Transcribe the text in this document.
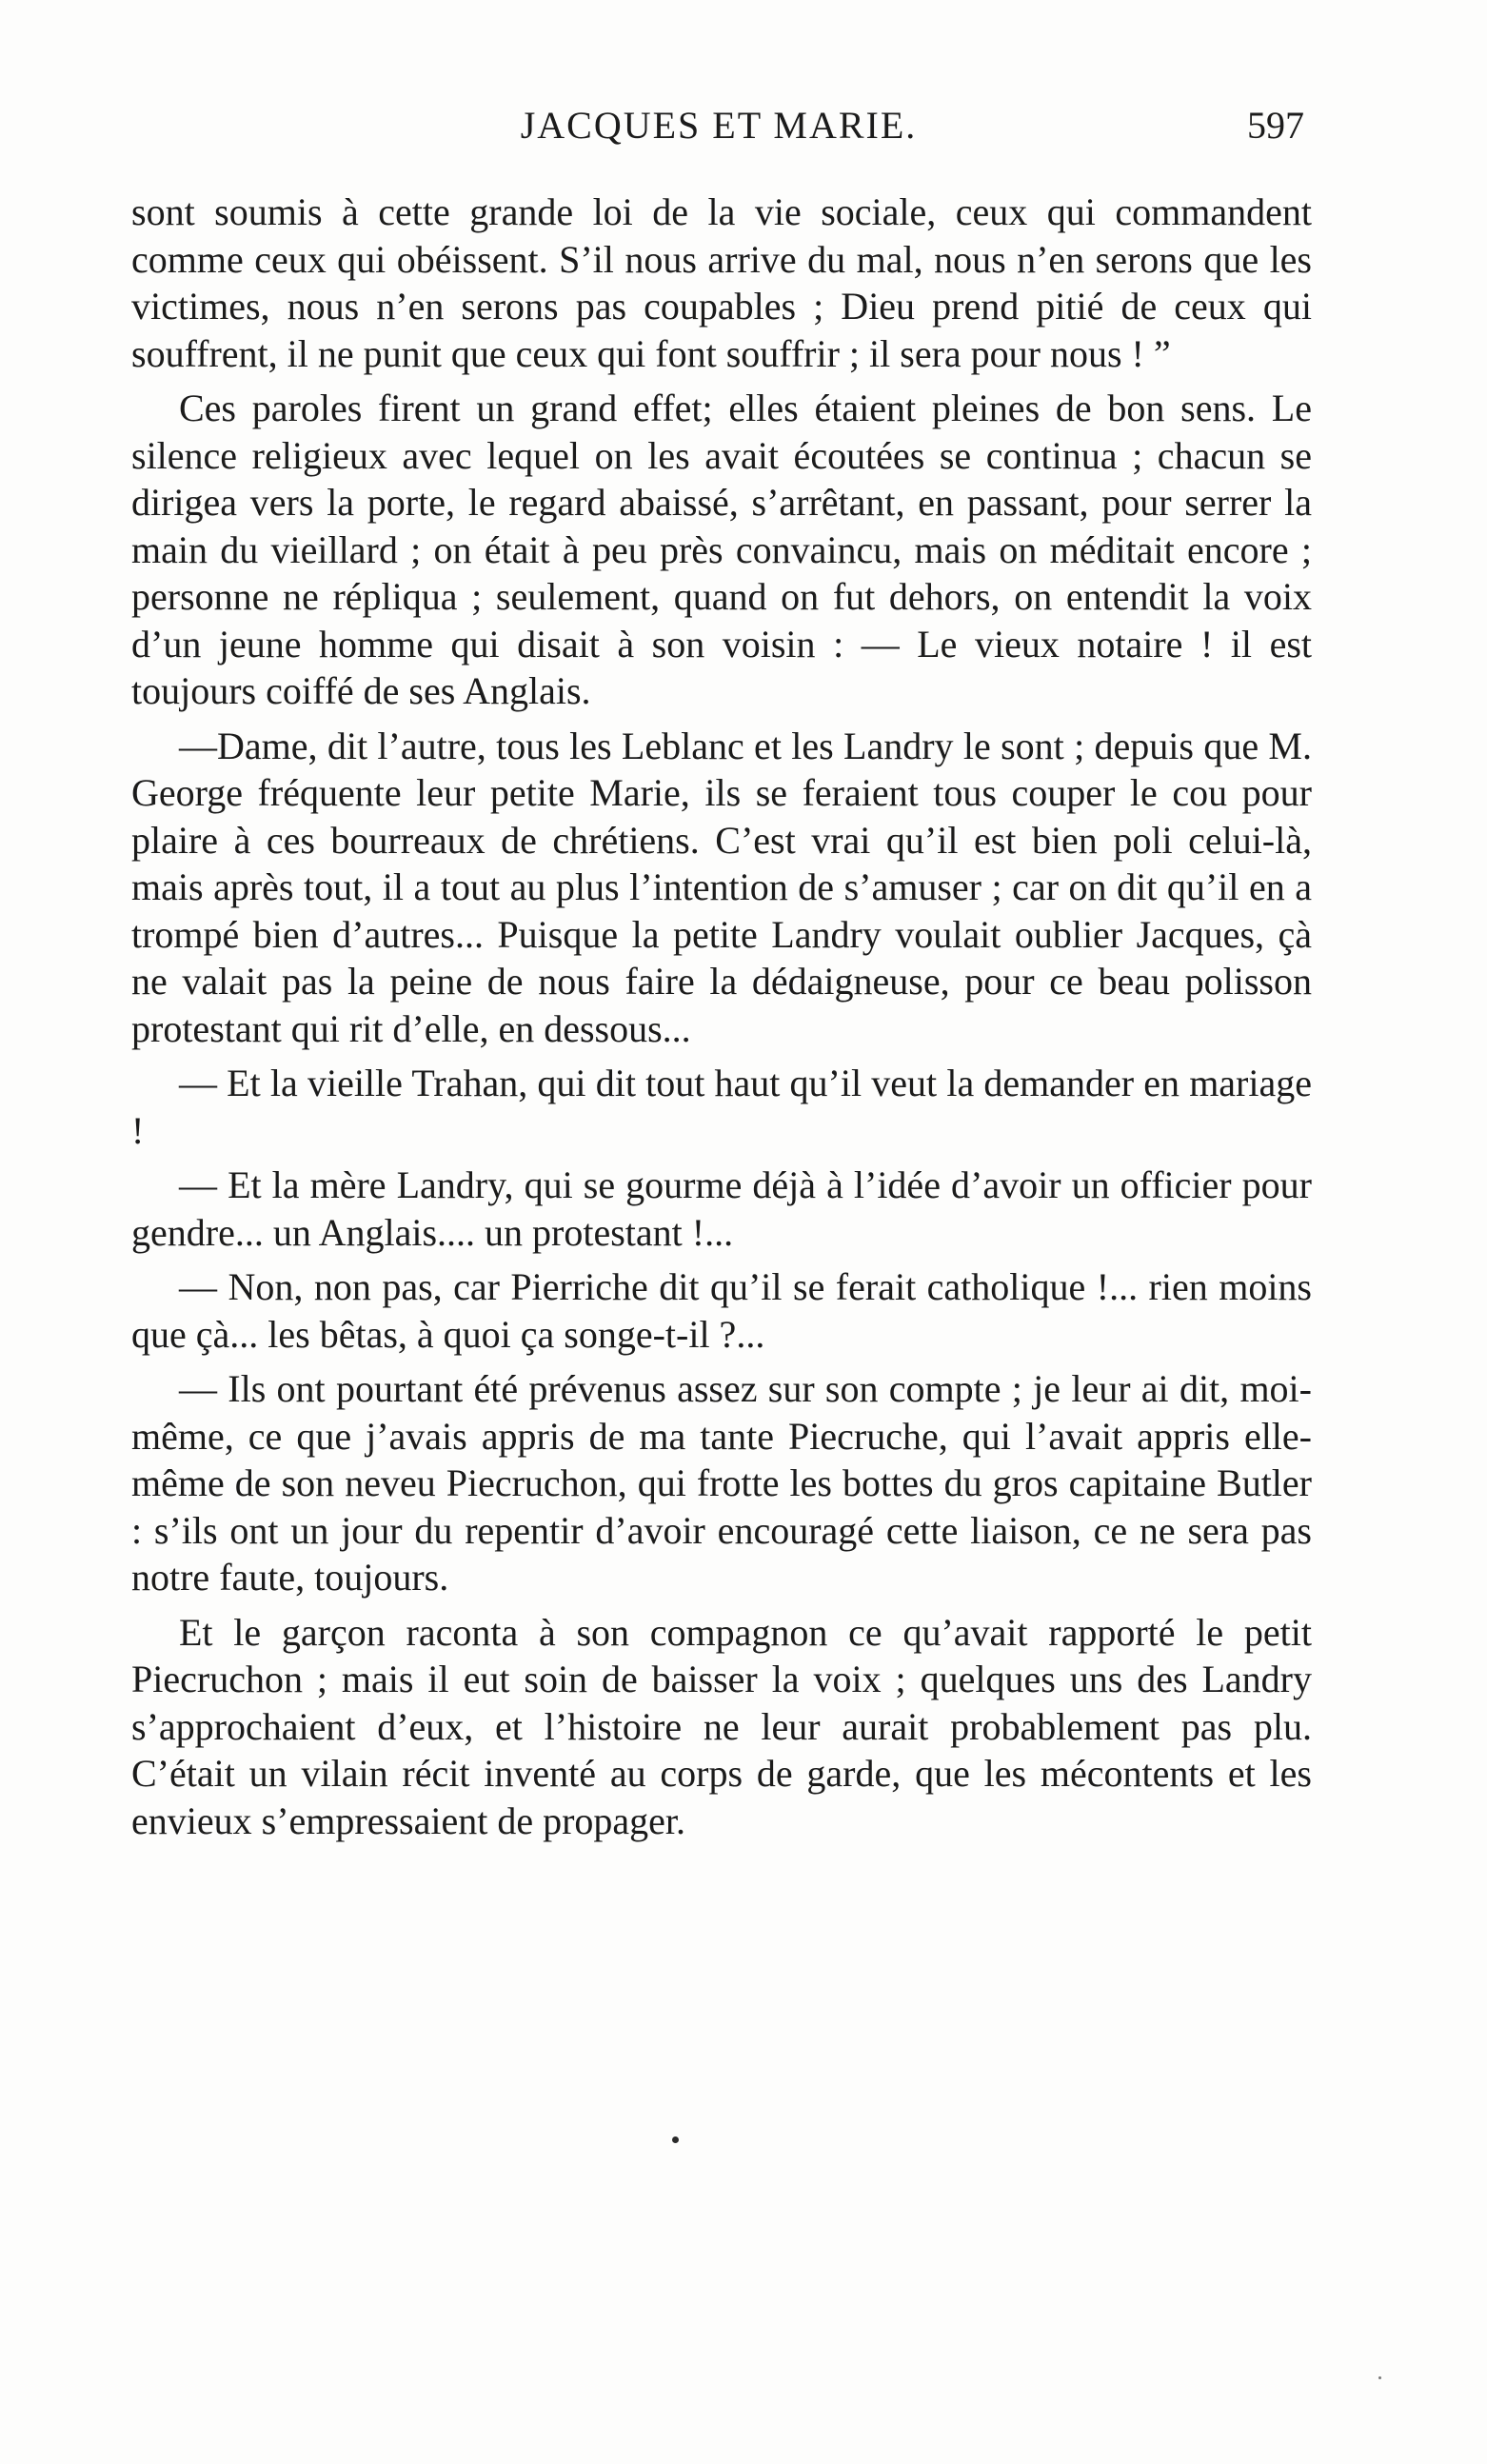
JACQUES ET MARIE.	597

sont soumis à cette grande loi de la vie sociale, ceux qui commandent comme ceux qui obéissent. S’il nous arrive du mal, nous n’en serons que les victimes, nous n’en serons pas coupables ; Dieu prend pitié de ceux qui souffrent, il ne punit que ceux qui font souffrir ; il sera pour nous ! ”

Ces paroles firent un grand effet; elles étaient pleines de bon sens. Le silence religieux avec lequel on les avait écoutées se continua ; chacun se dirigea vers la porte, le regard abaissé, s’arrêtant, en passant, pour serrer la main du vieillard ; on était à peu près convaincu, mais on méditait encore ; personne ne répliqua ; seulement, quand on fut dehors, on entendit la voix d’un jeune homme qui disait à son voisin : — Le vieux notaire ! il est toujours coiffé de ses Anglais.

—Dame, dit l’autre, tous les Leblanc et les Landry le sont ; depuis que M. George fréquente leur petite Marie, ils se feraient tous couper le cou pour plaire à ces bourreaux de chrétiens. C’est vrai qu’il est bien poli celui-là, mais après tout, il a tout au plus l’intention de s’amuser ; car on dit qu’il en a trompé bien d’autres... Puisque la petite Landry voulait oublier Jacques, çà ne valait pas la peine de nous faire la dédaigneuse, pour ce beau polisson protestant qui rit d’elle, en dessous...

— Et la vieille Trahan, qui dit tout haut qu’il veut la demander en mariage !

— Et la mère Landry, qui se gourme déjà à l’idée d’avoir un officier pour gendre... un Anglais.... un protestant !...

— Non, non pas, car Pierriche dit qu’il se ferait catholique !... rien moins que çà... les bêtas, à quoi ça songe-t-il ?...

— Ils ont pourtant été prévenus assez sur son compte ; je leur ai dit, moi-même, ce que j’avais appris de ma tante Piecruche, qui l’avait appris elle-même de son neveu Piecruchon, qui frotte les bottes du gros capitaine Butler : s’ils ont un jour du repentir d’avoir encouragé cette liaison, ce ne sera pas notre faute, toujours.

Et le garçon raconta à son compagnon ce qu’avait rapporté le petit Piecruchon ; mais il eut soin de baisser la voix ; quelques uns des Landry s’approchaient d’eux, et l’histoire ne leur aurait probablement pas plu. C’était un vilain récit inventé au corps de garde, que les mécontents et les envieux s’empressaient de propager.
